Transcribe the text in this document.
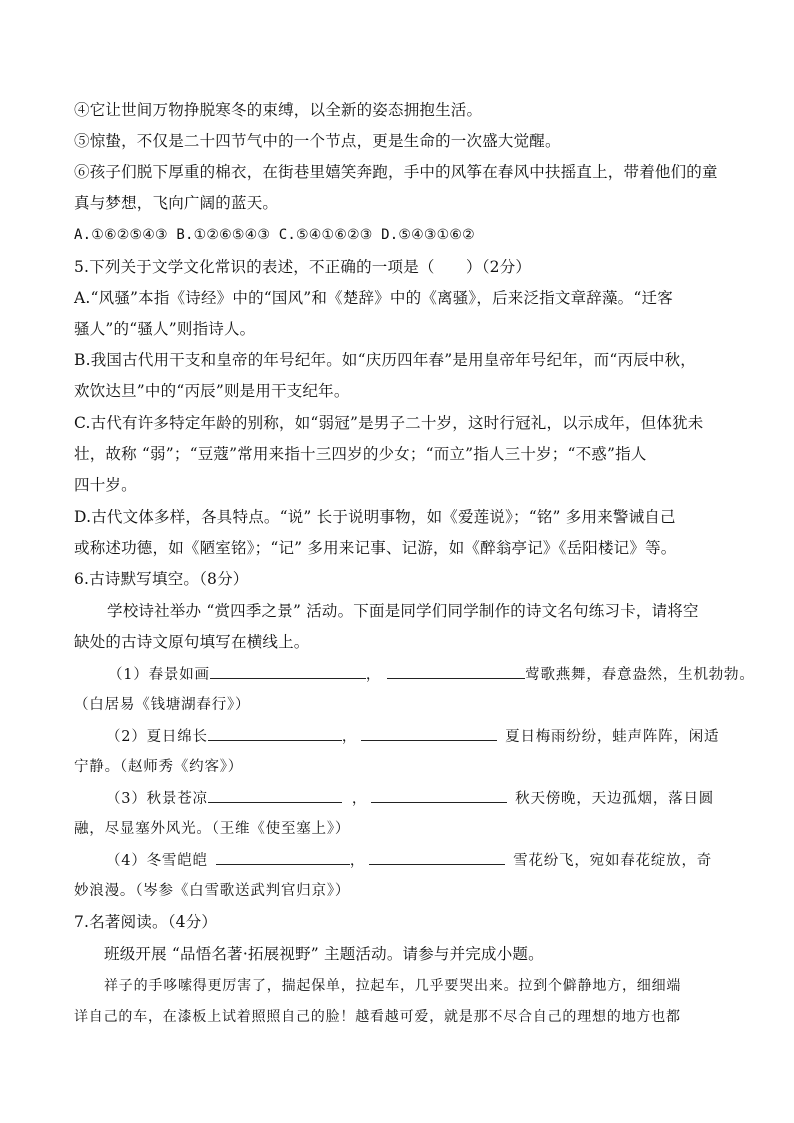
④它让世间万物挣脱寒冬的束缚，以全新的姿态拥抱生活。
⑤惊蛰，不仅是二十四节气中的一个节点，更是生命的一次盛大觉醒。
⑥孩子们脱下厚重的棉衣，在街巷里嬉笑奔跑，手中的风筝在春风中扶摇直上，带着他们的童
真与梦想，飞向广阔的蓝天。
A.①⑥②⑤④③ B.①②⑥⑤④③ C.⑤④①⑥②③ D.⑤④③①⑥②
5.下列关于文学文化常识的表述，不正确的一项是（　　）（2分）
A.“风骚”本指《诗经》中的“国风”和《楚辞》中的《离骚》，后来泛指文章辞藻。“迁客
骚人”的“骚人”则指诗人。
B.我国古代用干支和皇帝的年号纪年。如“庆历四年春”是用皇帝年号纪年，而“丙辰中秋，
欢饮达旦”中的“丙辰”则是用干支纪年。
C.古代有许多特定年龄的别称，如“弱冠”是男子二十岁，这时行冠礼，以示成年，但体犹未
壮，故称 “弱”；“豆蔻”常用来指十三四岁的少女；“而立”指人三十岁；“不惑”指人
四十岁。
D.古代文体多样，各具特点。“说” 长于说明事物，如《爱莲说》；“铭” 多用来警诫自己
或称述功德，如《陋室铭》；“记” 多用来记事、记游，如《醉翁亭记》《岳阳楼记》等。
6.古诗默写填空。（8分）
学校诗社举办 “赏四季之景” 活动。下面是同学们同学制作的诗文名句练习卡，请将空
缺处的古诗文原句填写在横线上。
（1）春景如画	，	莺歌燕舞，春意盎然，生机勃勃。
（白居易《钱塘湖春行》）
（2）夏日绵长	，	夏日梅雨纷纷，蛙声阵阵，闲适
宁静。（赵师秀《约客》）
（3）秋景苍凉	，	秋天傍晚，天边孤烟，落日圆
融，尽显塞外风光。（王维《使至塞上》）
（4）冬雪皑皑	，	雪花纷飞，宛如春花绽放，奇
妙浪漫。（岑参《白雪歌送武判官归京》）
7.名著阅读。（4分）
班级开展 “品悟名著·拓展视野” 主题活动。请参与并完成小题。
祥子的手哆嗦得更厉害了，揣起保单，拉起车，几乎要哭出来。拉到个僻静地方，细细端
详自己的车，在漆板上试着照照自己的脸！越看越可爱，就是那不尽合自己的理想的地方也都
